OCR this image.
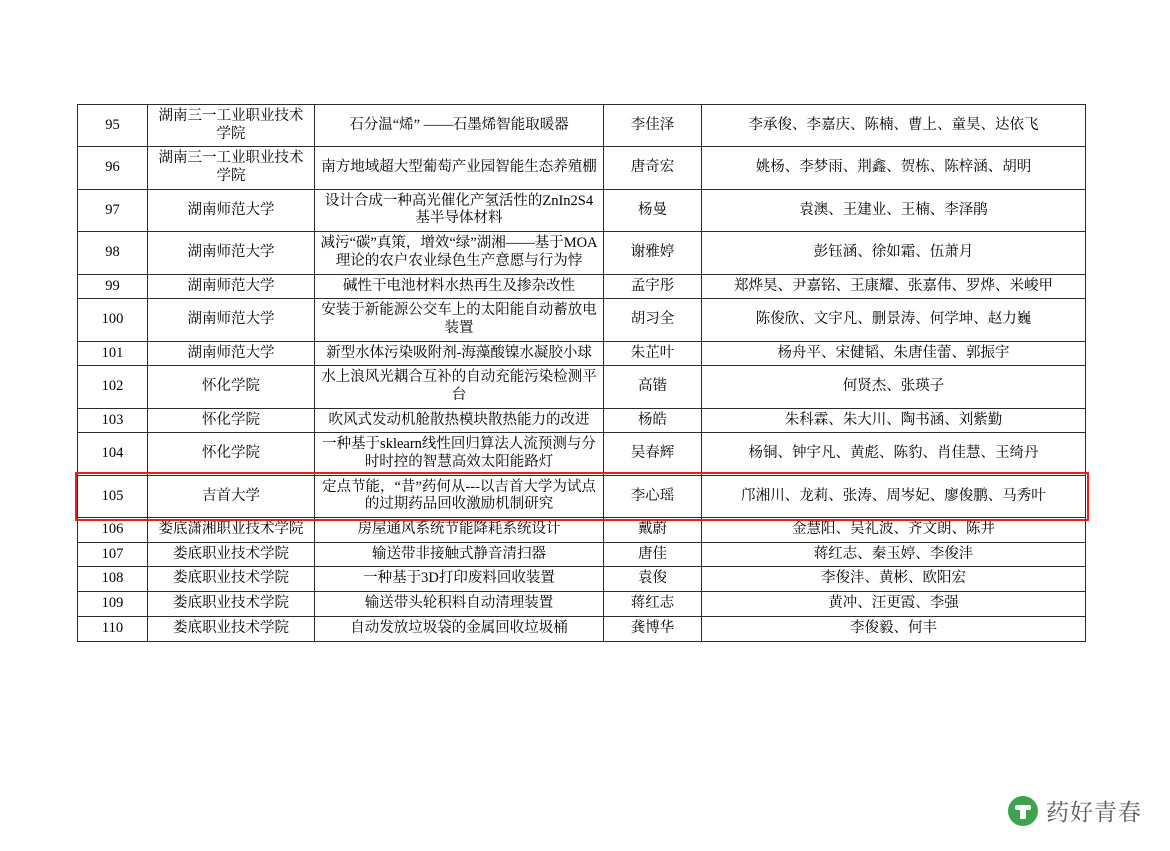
95	湖南三一工业职业技术学院	石分温“烯” ——石墨烯智能取暖器	李佳泽	李承俊、李嘉庆、陈楠、曹上、童昊、达依飞
96	湖南三一工业职业技术学院	南方地域超大型葡萄产业园智能生态养殖棚	唐奇宏	姚杨、李梦雨、荆鑫、贺栋、陈梓涵、胡明
97	湖南师范大学	设计合成一种高光催化产氢活性的ZnIn2S4基半导体材料	杨曼	袁澳、王建业、王楠、李泽鹃
98	湖南师范大学	减污“碳”真策，增效“绿”湖湘——基于MOA理论的农户农业绿色生产意愿与行为悖	谢雅婷	彭钰涵、徐如霜、伍萧月
99	湖南师范大学	碱性干电池材料水热再生及掺杂改性	孟宇彤	郑烨昊、尹嘉铭、王康耀、张嘉伟、罗烨、米峻甲
100	湖南师范大学	安装于新能源公交车上的太阳能自动蓄放电装置	胡习全	陈俊欣、文宇凡、删景涛、何学坤、赵力巍
101	湖南师范大学	新型水体污染吸附剂-海藻酸镍水凝胶小球	朱芷叶	杨舟平、宋健韬、朱唐佳蕾、郭振宇
102	怀化学院	水上浪风光耦合互补的自动充能污染检测平台	高锴	何贤杰、张瑛子
103	怀化学院	吹风式发动机舱散热模块散热能力的改进	杨皓	朱科霖、朱大川、陶书涵、刘紫勤
104	怀化学院	一种基于sklearn线性回归算法人流预测与分时时控的智慧高效太阳能路灯	吴春辉	杨铜、钟宇凡、黄彪、陈豹、肖佳慧、王绮丹
105	吉首大学	定点节能，“昔”药何从---以吉首大学为试点的过期药品回收激励机制研究	李心瑶	邝湘川、龙莉、张涛、周岑妃、廖俊鹏、马秀叶
106	娄底潇湘职业技术学院	房屋通风系统节能降耗系统设计	戴蔚	金慧阳、吴礼波、齐文朗、陈井
107	娄底职业技术学院	输送带非接触式静音清扫器	唐佳	蒋红志、秦玉婷、李俊沣
108	娄底职业技术学院	一种基于3D打印废料回收装置	袁俊	李俊沣、黄彬、欧阳宏
109	娄底职业技术学院	输送带头轮积料自动清理装置	蒋红志	黄冲、汪更霞、李强
110	娄底职业技术学院	自动发放垃圾袋的金属回收垃圾桶	龚博华	李俊毅、何丰
药好青春
